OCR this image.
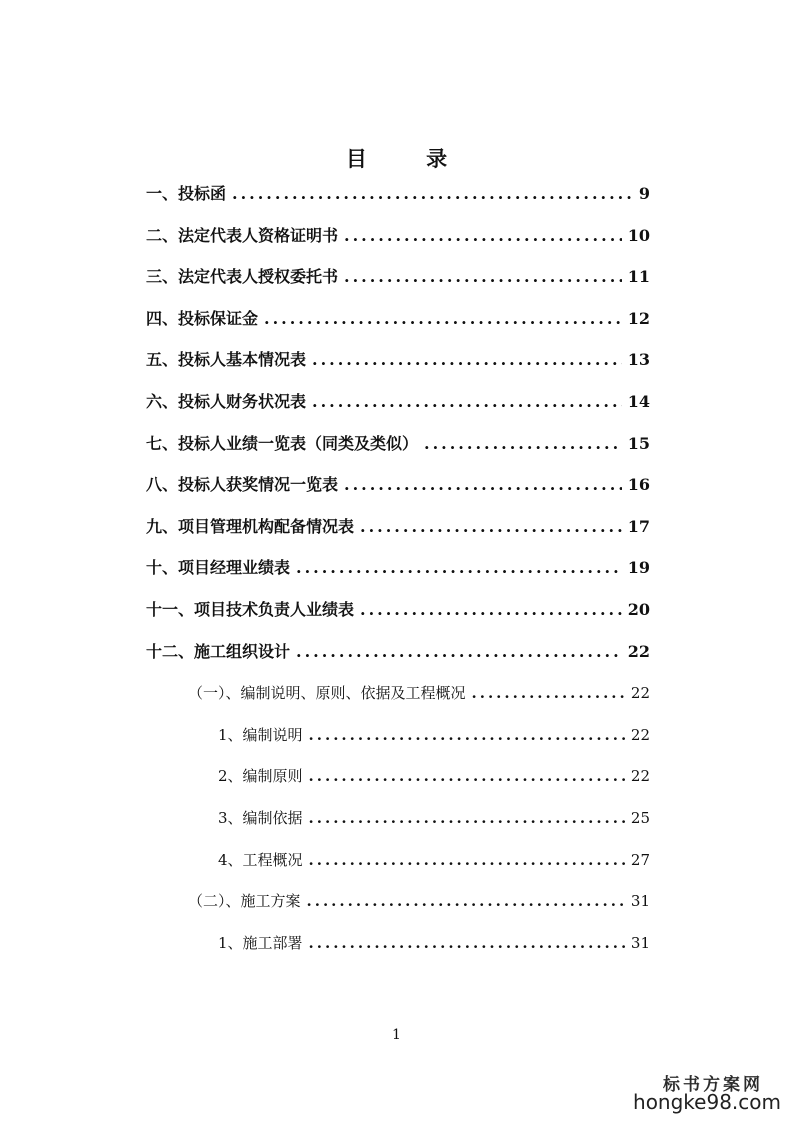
目 录
一、投标函 .....	9
二、法定代表人资格证明书 .....	10
三、法定代表人授权委托书 .....	11
四、投标保证金 .....	12
五、投标人基本情况表 .....	13
六、投标人财务状况表 .....	14
七、投标人业绩一览表（同类及类似） .....	15
八、投标人获奖情况一览表 .....	16
九、项目管理机构配备情况表 .....	17
十、项目经理业绩表 .....	19
十一、项目技术负责人业绩表 .....	20
十二、施工组织设计 .....	22
（一）、编制说明、原则、依据及工程概况 .....	22
1、编制说明 .....	22
2、编制原则 .....	22
3、编制依据 .....	25
4、工程概况 .....	27
（二）、施工方案 .....	31
1、施工部署 .....	31
1
标书方案网
hongke98.com
